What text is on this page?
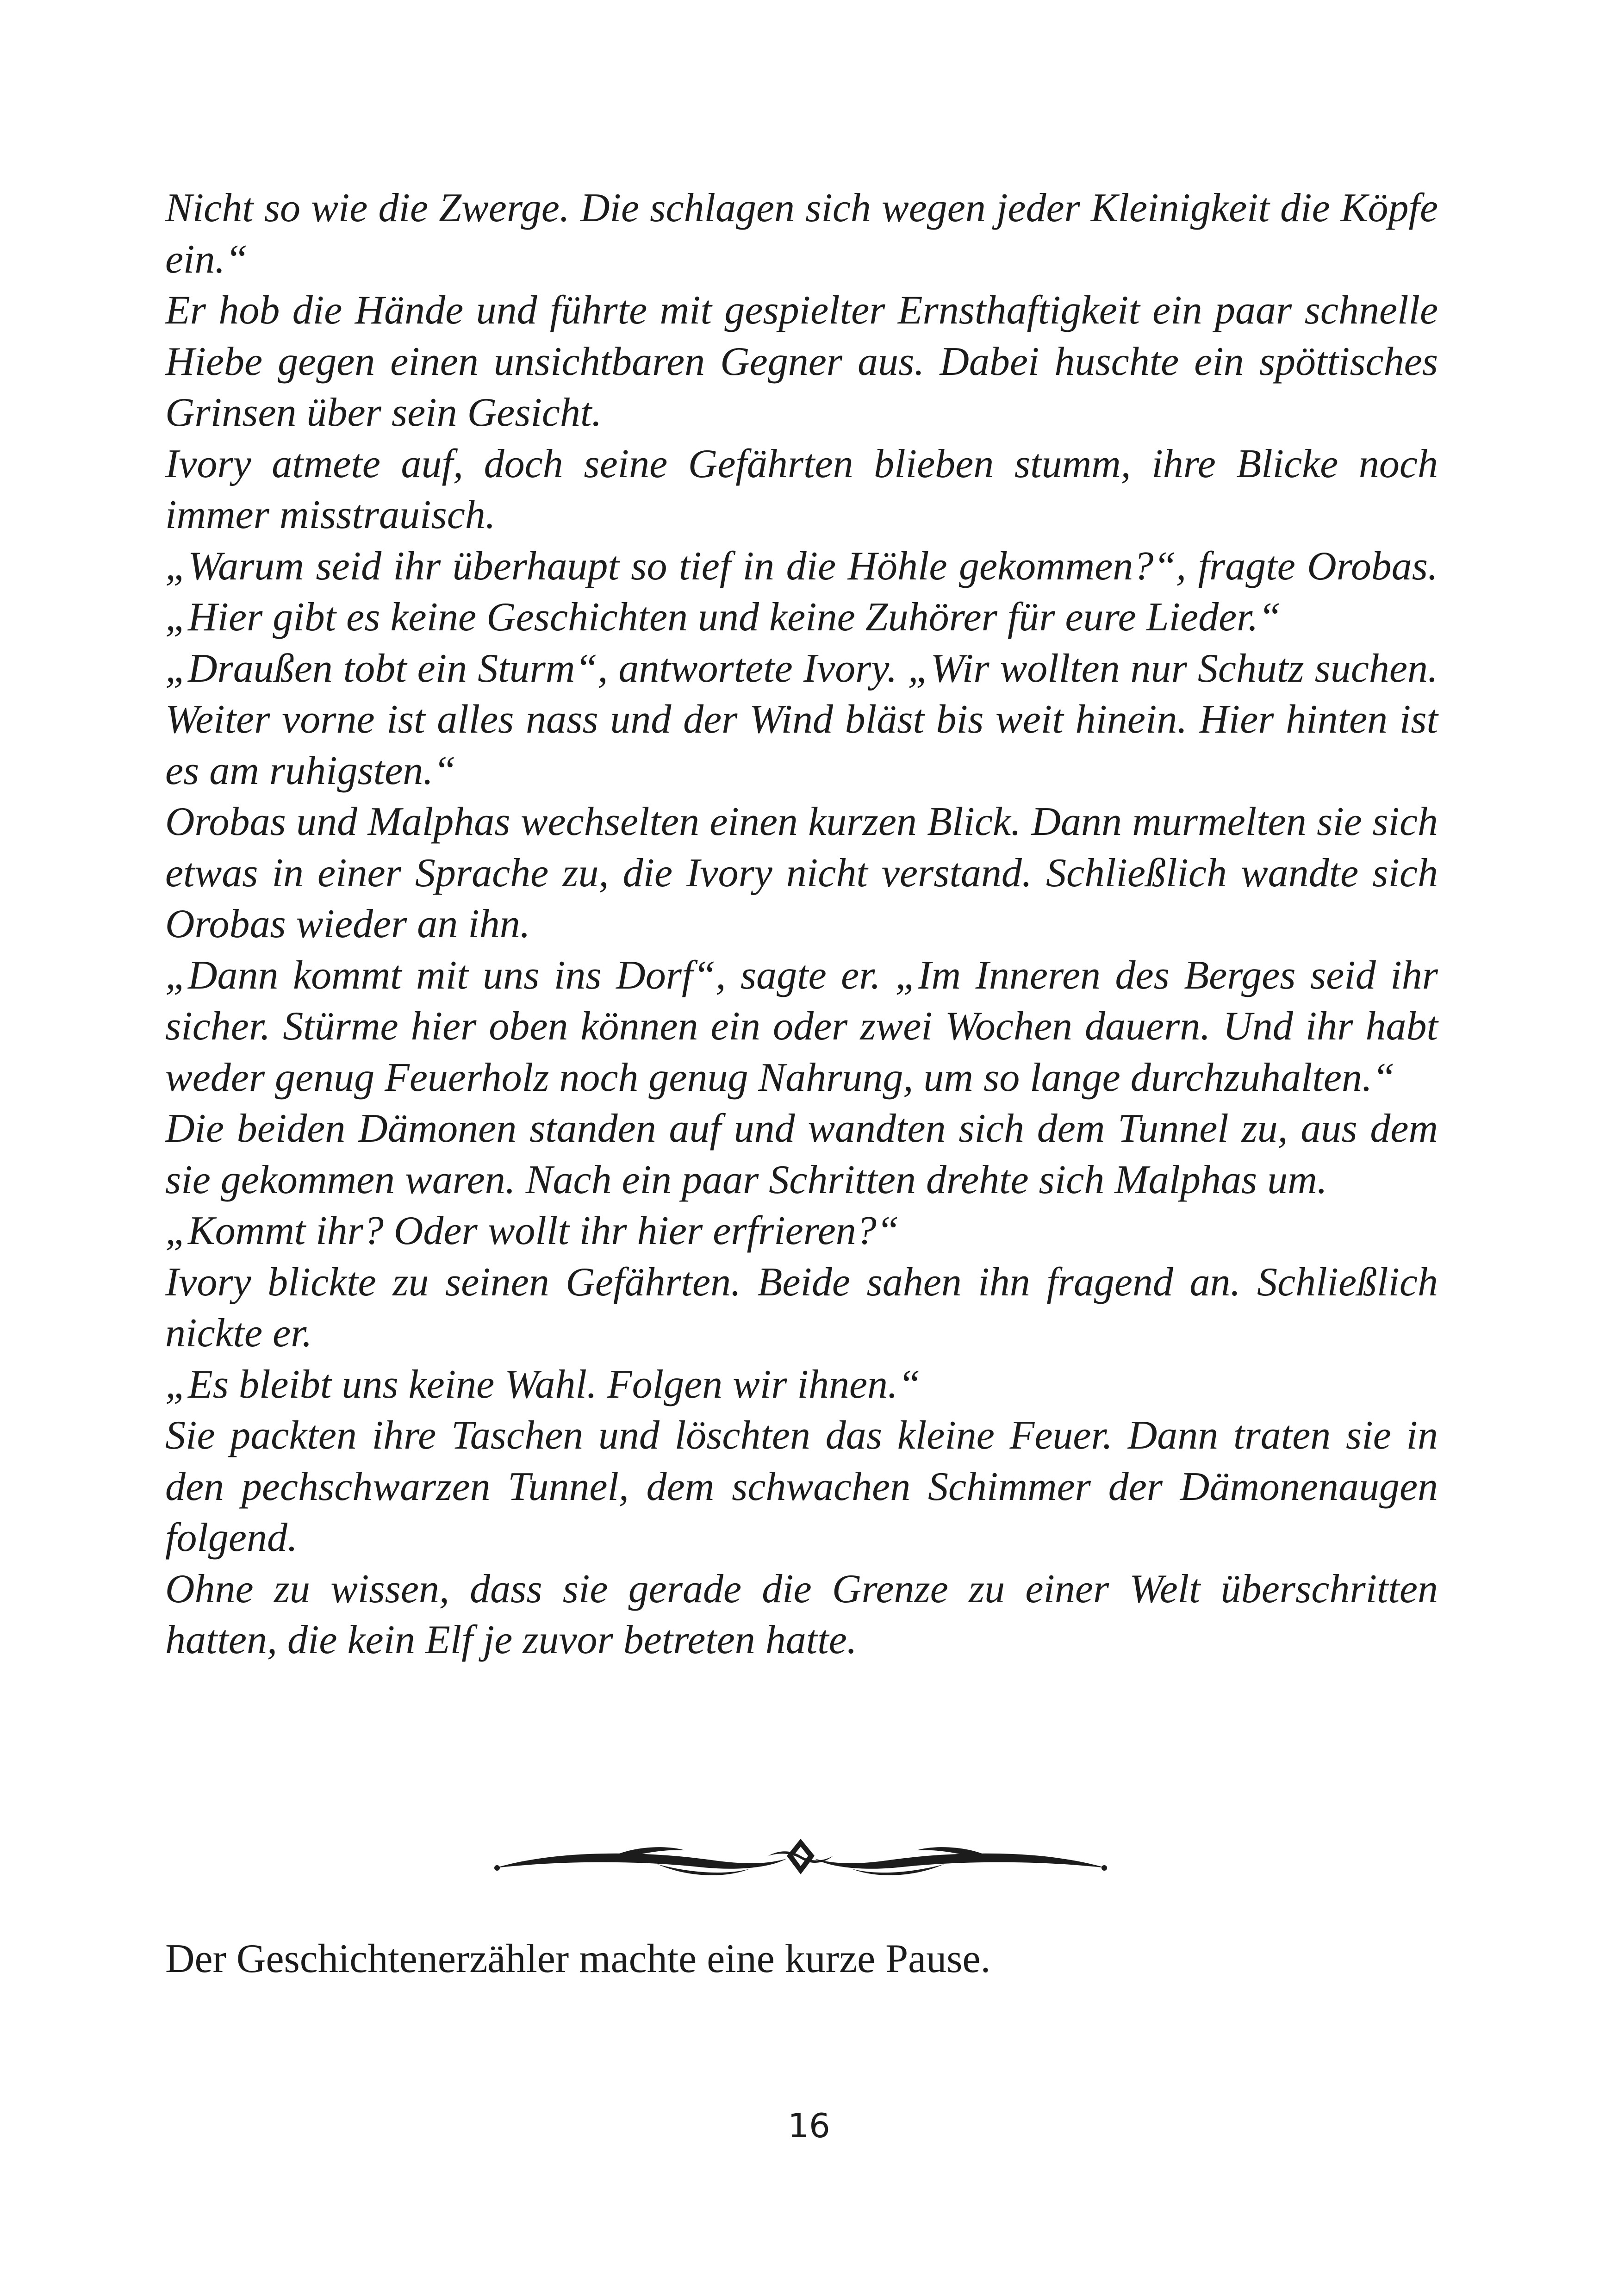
Nicht so wie die Zwerge. Die schlagen sich wegen jeder Kleinigkeit die Köpfe ein.“

Er hob die Hände und führte mit gespielter Ernsthaftigkeit ein paar schnelle Hiebe gegen einen unsichtbaren Gegner aus. Dabei huschte ein spöttisches Grinsen über sein Gesicht.

Ivory atmete auf, doch seine Gefährten blieben stumm, ihre Blicke noch immer misstrauisch.

„Warum seid ihr überhaupt so tief in die Höhle gekommen?“, fragte Orobas. „Hier gibt es keine Geschichten und keine Zuhörer für eure Lieder.“

„Draußen tobt ein Sturm“, antwortete Ivory. „Wir wollten nur Schutz suchen. Weiter vorne ist alles nass und der Wind bläst bis weit hinein. Hier hinten ist es am ruhigsten.“

Orobas und Malphas wechselten einen kurzen Blick. Dann murmelten sie sich etwas in einer Sprache zu, die Ivory nicht verstand. Schließlich wandte sich Orobas wieder an ihn.

„Dann kommt mit uns ins Dorf“, sagte er. „Im Inneren des Berges seid ihr sicher. Stürme hier oben können ein oder zwei Wochen dauern. Und ihr habt weder genug Feuerholz noch genug Nahrung, um so lange durchzuhalten.“

Die beiden Dämonen standen auf und wandten sich dem Tunnel zu, aus dem sie gekommen waren. Nach ein paar Schritten drehte sich Malphas um.

„Kommt ihr? Oder wollt ihr hier erfrieren?“

Ivory blickte zu seinen Gefährten. Beide sahen ihn fragend an. Schließlich nickte er.

„Es bleibt uns keine Wahl. Folgen wir ihnen.“

Sie packten ihre Taschen und löschten das kleine Feuer. Dann traten sie in den pechschwarzen Tunnel, dem schwachen Schimmer der Dämonenaugen folgend.

Ohne zu wissen, dass sie gerade die Grenze zu einer Welt überschritten hatten, die kein Elf je zuvor betreten hatte.

Der Geschichtenerzähler machte eine kurze Pause.

16
